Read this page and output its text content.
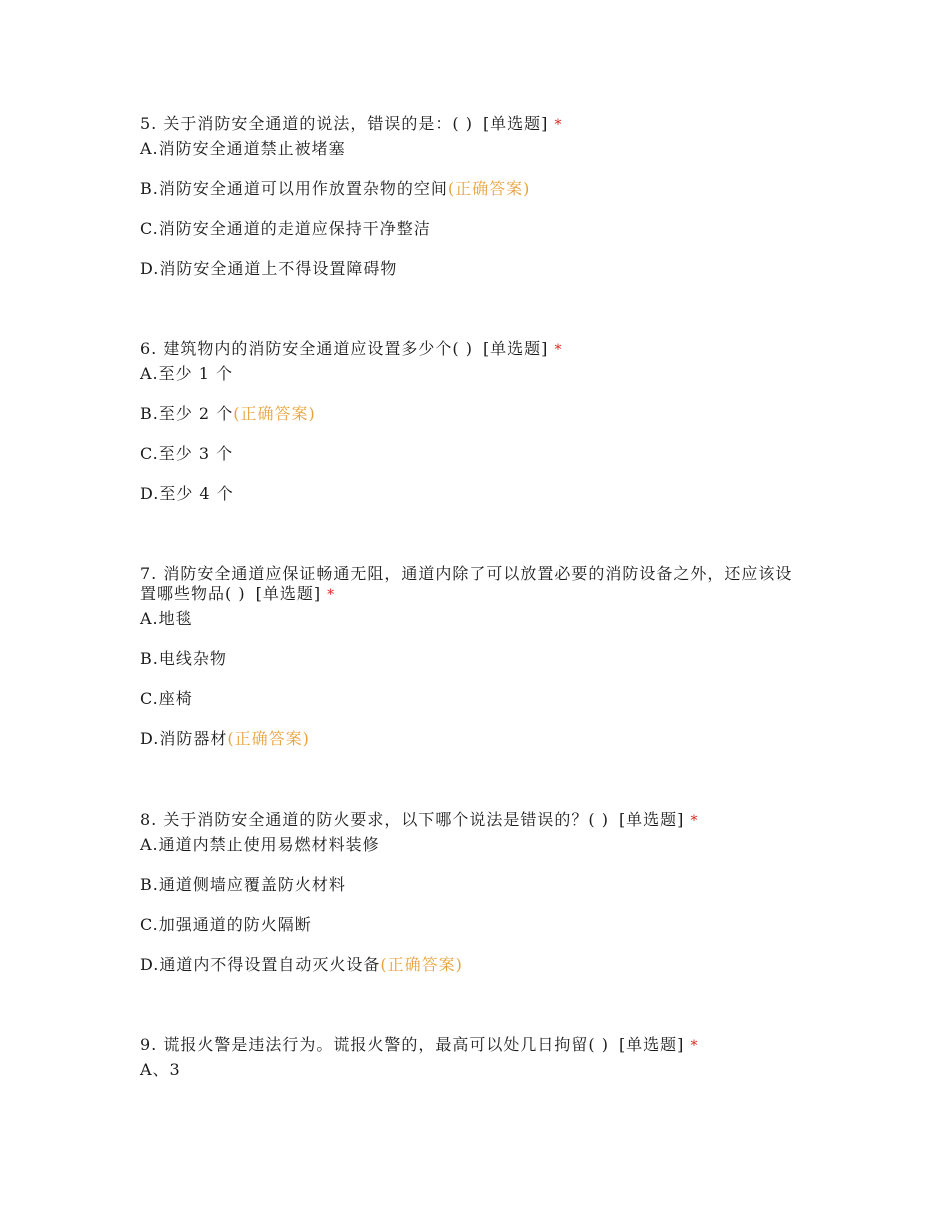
5. 关于消防安全通道的说法，错误的是：( ) [单选题] *

A.消防安全通道禁止被堵塞
B.消防安全通道可以用作放置杂物的空间(正确答案)
C.消防安全通道的走道应保持干净整洁
D.消防安全通道上不得设置障碍物

6. 建筑物内的消防安全通道应设置多少个( ) [单选题] *

A.至少 1 个
B.至少 2 个(正确答案)
C.至少 3 个
D.至少 4 个

7. 消防安全通道应保证畅通无阻，通道内除了可以放置必要的消防设备之外，还应该设置哪些物品( ) [单选题] *

A.地毯
B.电线杂物
C.座椅
D.消防器材(正确答案)

8. 关于消防安全通道的防火要求，以下哪个说法是错误的？( ) [单选题] *

A.通道内禁止使用易燃材料装修
B.通道侧墙应覆盖防火材料
C.加强通道的防火隔断
D.通道内不得设置自动灭火设备(正确答案)

9. 谎报火警是违法行为。谎报火警的，最高可以处几日拘留( ) [单选题] *

A、3
